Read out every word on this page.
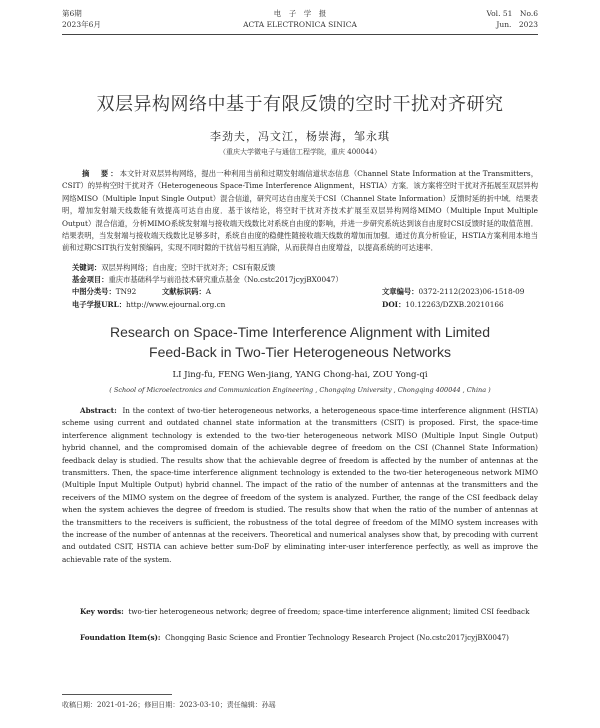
第6期
2023年6月
电　子　学　报
ACTA ELECTRONICA SINICA
Vol. 51　No.6
Jun.　2023
双层异构网络中基于有限反馈的空时干扰对齐研究
李劲夫，冯文江，杨崇海，邹永琪
（重庆大学微电子与通信工程学院，重庆 400044）
摘　要：本文针对双层异构网络，提出一种利用当前和过期发射端信道状态信息（Channel State Information at the Transmitters，CSIT）的异构空时干扰对齐（Heterogeneous Space-Time Interference Alignment，HSTIA）方案．该方案将空时干扰对齐拓展至双层异构网络MISO（Multiple Input Single Output）混合信道，研究可达自由度关于CSI（Channel State Information）反馈时延的折中域．结果表明，增加发射端天线数能有效提高可达自由度．基于该结论，将空时干扰对齐技术扩展至双层异构网络MIMO（Multiple Input Multiple Output）混合信道，分析MIMO系统发射端与接收端天线数比对系统自由度的影响，并进一步研究系统达到该自由度时CSI反馈时延的取值范围．结果表明，当发射端与接收端天线数比足够多时，系统自由度的稳健性随接收端天线数的增加而加强．通过仿真分析验证，HSTIA方案利用本地当前和过期CSIT执行发射预编码，实现不同时隙的干扰信号相互消除，从而获得自由度增益，以提高系统的可达速率．
关键词：双层异构网络；自由度；空时干扰对齐；CSI有限反馈
基金项目：重庆市基础科学与前沿技术研究重点基金（No.cstc2017jcyjBX0047）
中图分类号：TN92	文献标识码：A	文章编号：0372-2112(2023)06-1518-09
电子学报URL：http://www.ejournal.org.cn	DOI：10.12263/DZXB.20210166
Research on Space-Time Interference Alignment with Limited
Feed-Back in Two-Tier Heterogeneous Networks
LI Jing-fu, FENG Wen-jiang, YANG Chong-hai, ZOU Yong-qi
( School of Microelectronics and Communication Engineering , Chongqing University , Chongqing 400044 , China )
Abstract: In the context of two-tier heterogeneous networks, a heterogeneous space-time interference alignment (HSTIA) scheme using current and outdated channel state information at the transmitters (CSIT) is proposed. First, the space-time interference alignment technology is extended to the two-tier heterogeneous network MISO (Multiple Input Single Output) hybrid channel, and the compromised domain of the achievable degree of freedom on the CSI (Channel State Information) feedback delay is studied. The results show that the achievable degree of freedom is affected by the number of antennas at the transmitters. Then, the space-time interference alignment technology is extended to the two-tier heterogeneous network MIMO (Multiple Input Multiple Output) hybrid channel. The impact of the ratio of the number of antennas at the transmitters and the receivers of the MIMO system on the degree of freedom of the system is analyzed. Further, the range of the CSI feedback delay when the system achieves the degree of freedom is studied. The results show that when the ratio of the number of antennas at the transmitters to the receivers is sufficient, the robustness of the total degree of freedom of the MIMO system increases with the increase of the number of antennas at the receivers. Theoretical and numerical analyses show that, by precoding with current and outdated CSIT, HSTIA can achieve better sum-DoF by eliminating inter-user interference perfectly, as well as improve the achievable rate of the system.
Key words: two-tier heterogeneous network; degree of freedom; space-time interference alignment; limited CSI feedback
Foundation Item(s): Chongqing Basic Science and Frontier Technology Research Project (No.cstc2017jcyjBX0047)
收稿日期：2021-01-26；修回日期：2023-03-10；责任编辑：孙瑶
